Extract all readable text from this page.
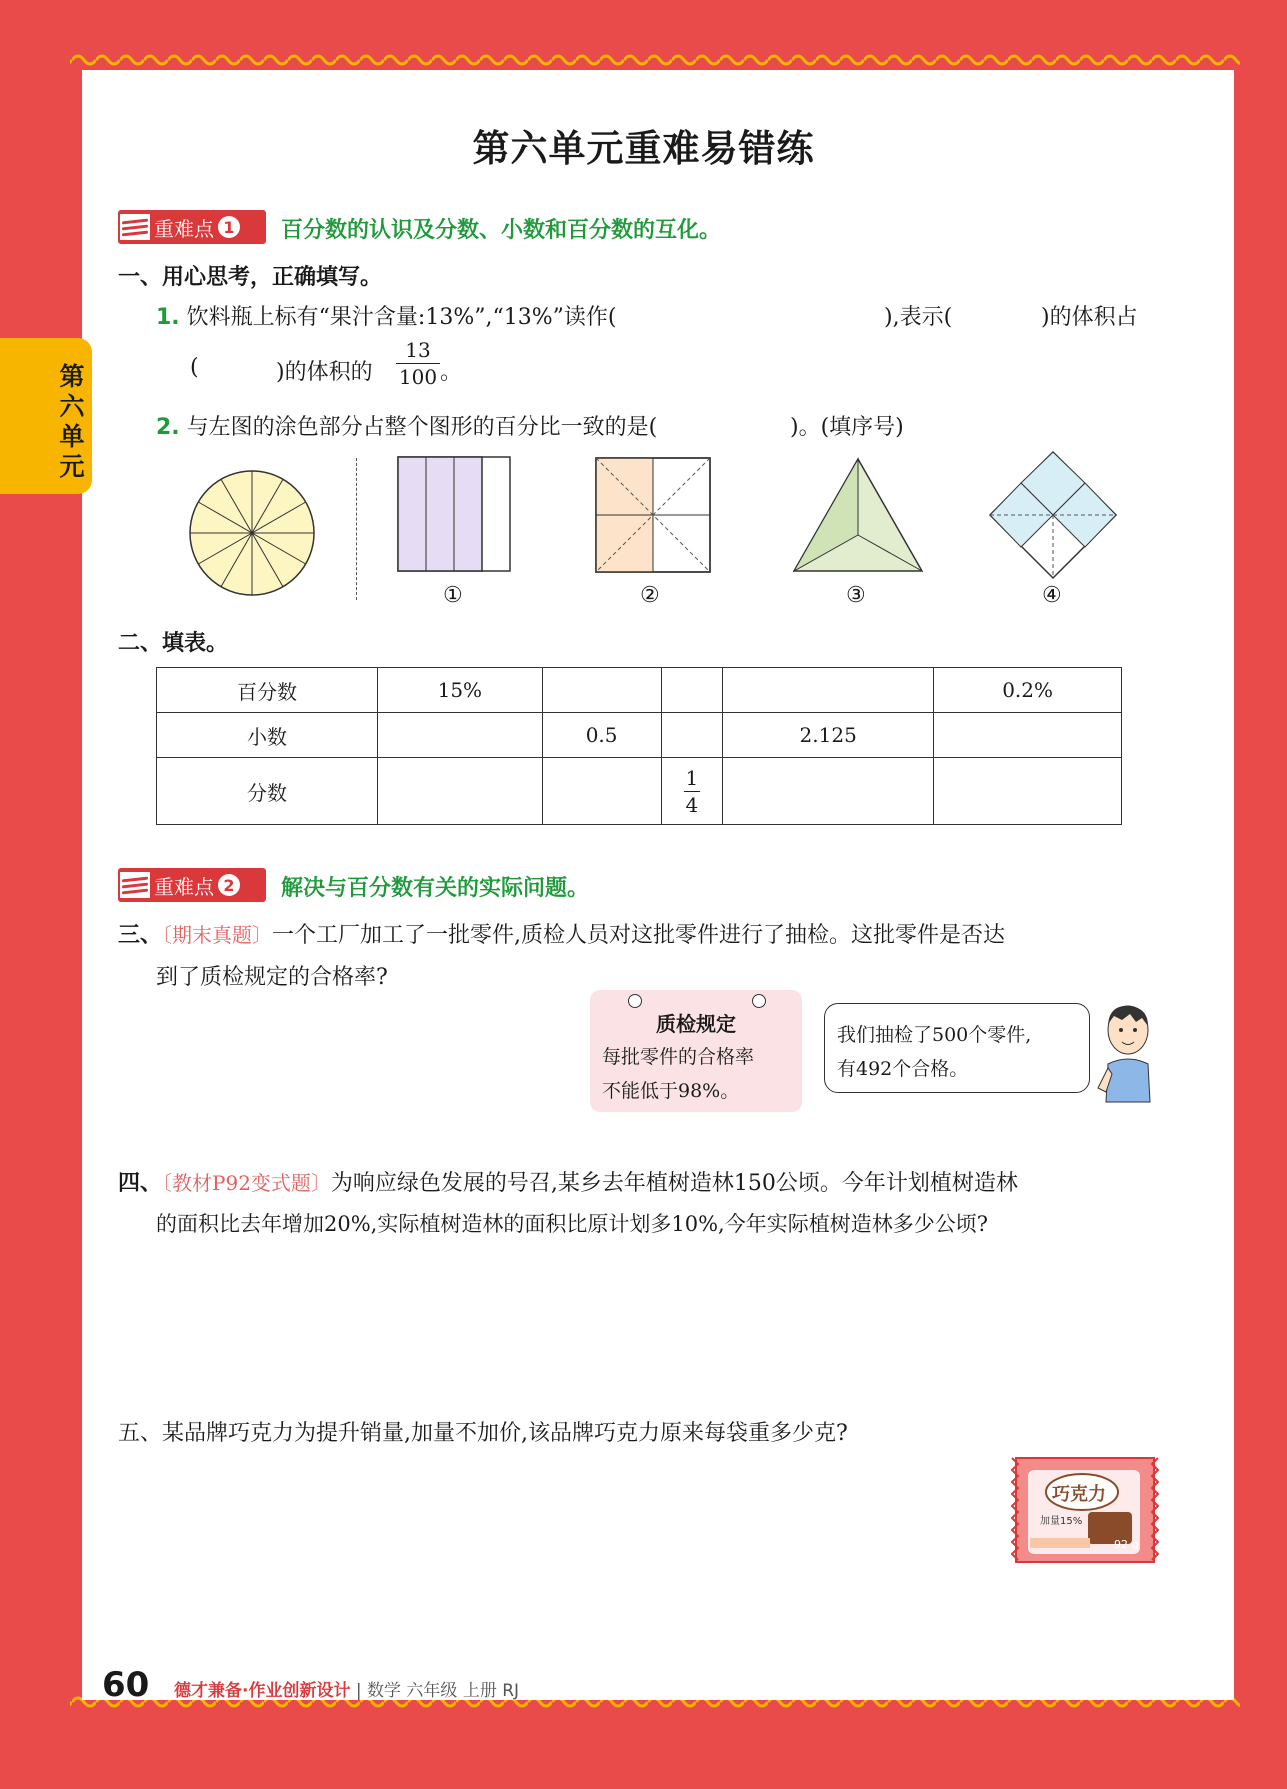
第
六
单
元
第六单元重难易错练
重难点 1 百分数的认识及分数、小数和百分数的互化。
一、用心思考，正确填写。
1. 饮料瓶上标有“果汁含量:13%”,“13%”读作(	),表示(	)的体积占
(	)的体积的
13
100 。
2. 与左图的涂色部分占整个图形的百分比一致的是(	)。(填序号)
①	②	③	④
二、填表。
百分数	15%				0.2%
小数		0.5		2.125	
分数			$\frac{1}{4}$

重难点 2 解决与百分数有关的实际问题。
三、〔期末真题〕一个工厂加工了一批零件,质检人员对这批零件进行了抽检。这批零件是否达
到了质检规定的合格率?
质检规定
每批零件的合格率
不能低于98%。
我们抽检了500个零件,
有492个合格。
四、〔教材P92变式题〕为响应绿色发展的号召,某乡去年植树造林150公顷。今年计划植树造林
的面积比去年增加20%,实际植树造林的面积比原计划多10%,今年实际植树造林多少公顷?
五、某品牌巧克力为提升销量,加量不加价,该品牌巧克力原来每袋重多少克?
巧克力
加量15%
92 g
60 德才兼备·作业创新设计 | 数学 六年级 上册 RJ
